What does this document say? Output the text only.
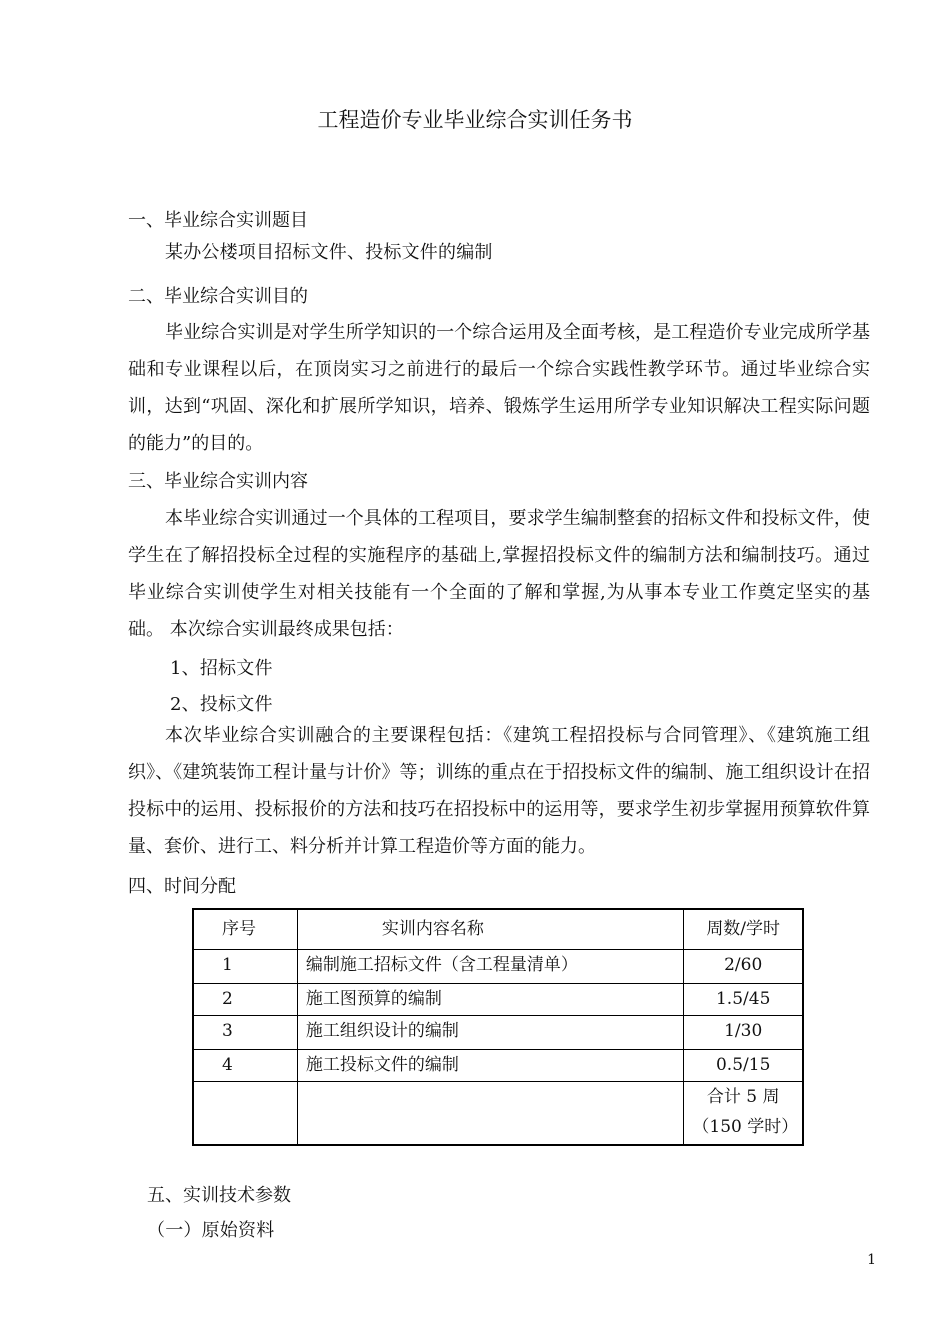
工程造价专业毕业综合实训任务书
一、毕业综合实训题目
某办公楼项目招标文件、投标文件的编制
二、毕业综合实训目的
毕业综合实训是对学生所学知识的一个综合运用及全面考核，是工程造价专业完成所学基础和专业课程以后，在顶岗实习之前进行的最后一个综合实践性教学环节。通过毕业综合实训，达到“巩固、深化和扩展所学知识，培养、锻炼学生运用所学专业知识解决工程实际问题的能力”的目的。
三、毕业综合实训内容
本毕业综合实训通过一个具体的工程项目，要求学生编制整套的招标文件和投标文件，使学生在了解招投标全过程的实施程序的基础上,掌握招投标文件的编制方法和编制技巧。通过毕业综合实训使学生对相关技能有一个全面的了解和掌握,为从事本专业工作奠定坚实的基础。 本次综合实训最终成果包括：
1、招标文件
2、投标文件
本次毕业综合实训融合的主要课程包括：《建筑工程招投标与合同管理》、《建筑施工组织》、《建筑装饰工程计量与计价》等；训练的重点在于招投标文件的编制、施工组织设计在招投标中的运用、投标报价的方法和技巧在招投标中的运用等，要求学生初步掌握用预算软件算量、套价、进行工、料分析并计算工程造价等方面的能力。
四、时间分配
序号	实训内容名称	周数/学时
1	编制施工招标文件（含工程量清单）	2/60
2	施工图预算的编制	1.5/45
3	施工组织设计的编制	1/30
4	施工投标文件的编制	0.5/15

		合计 5 周
（150 学时）
五、实训技术参数
（一）原始资料
1
